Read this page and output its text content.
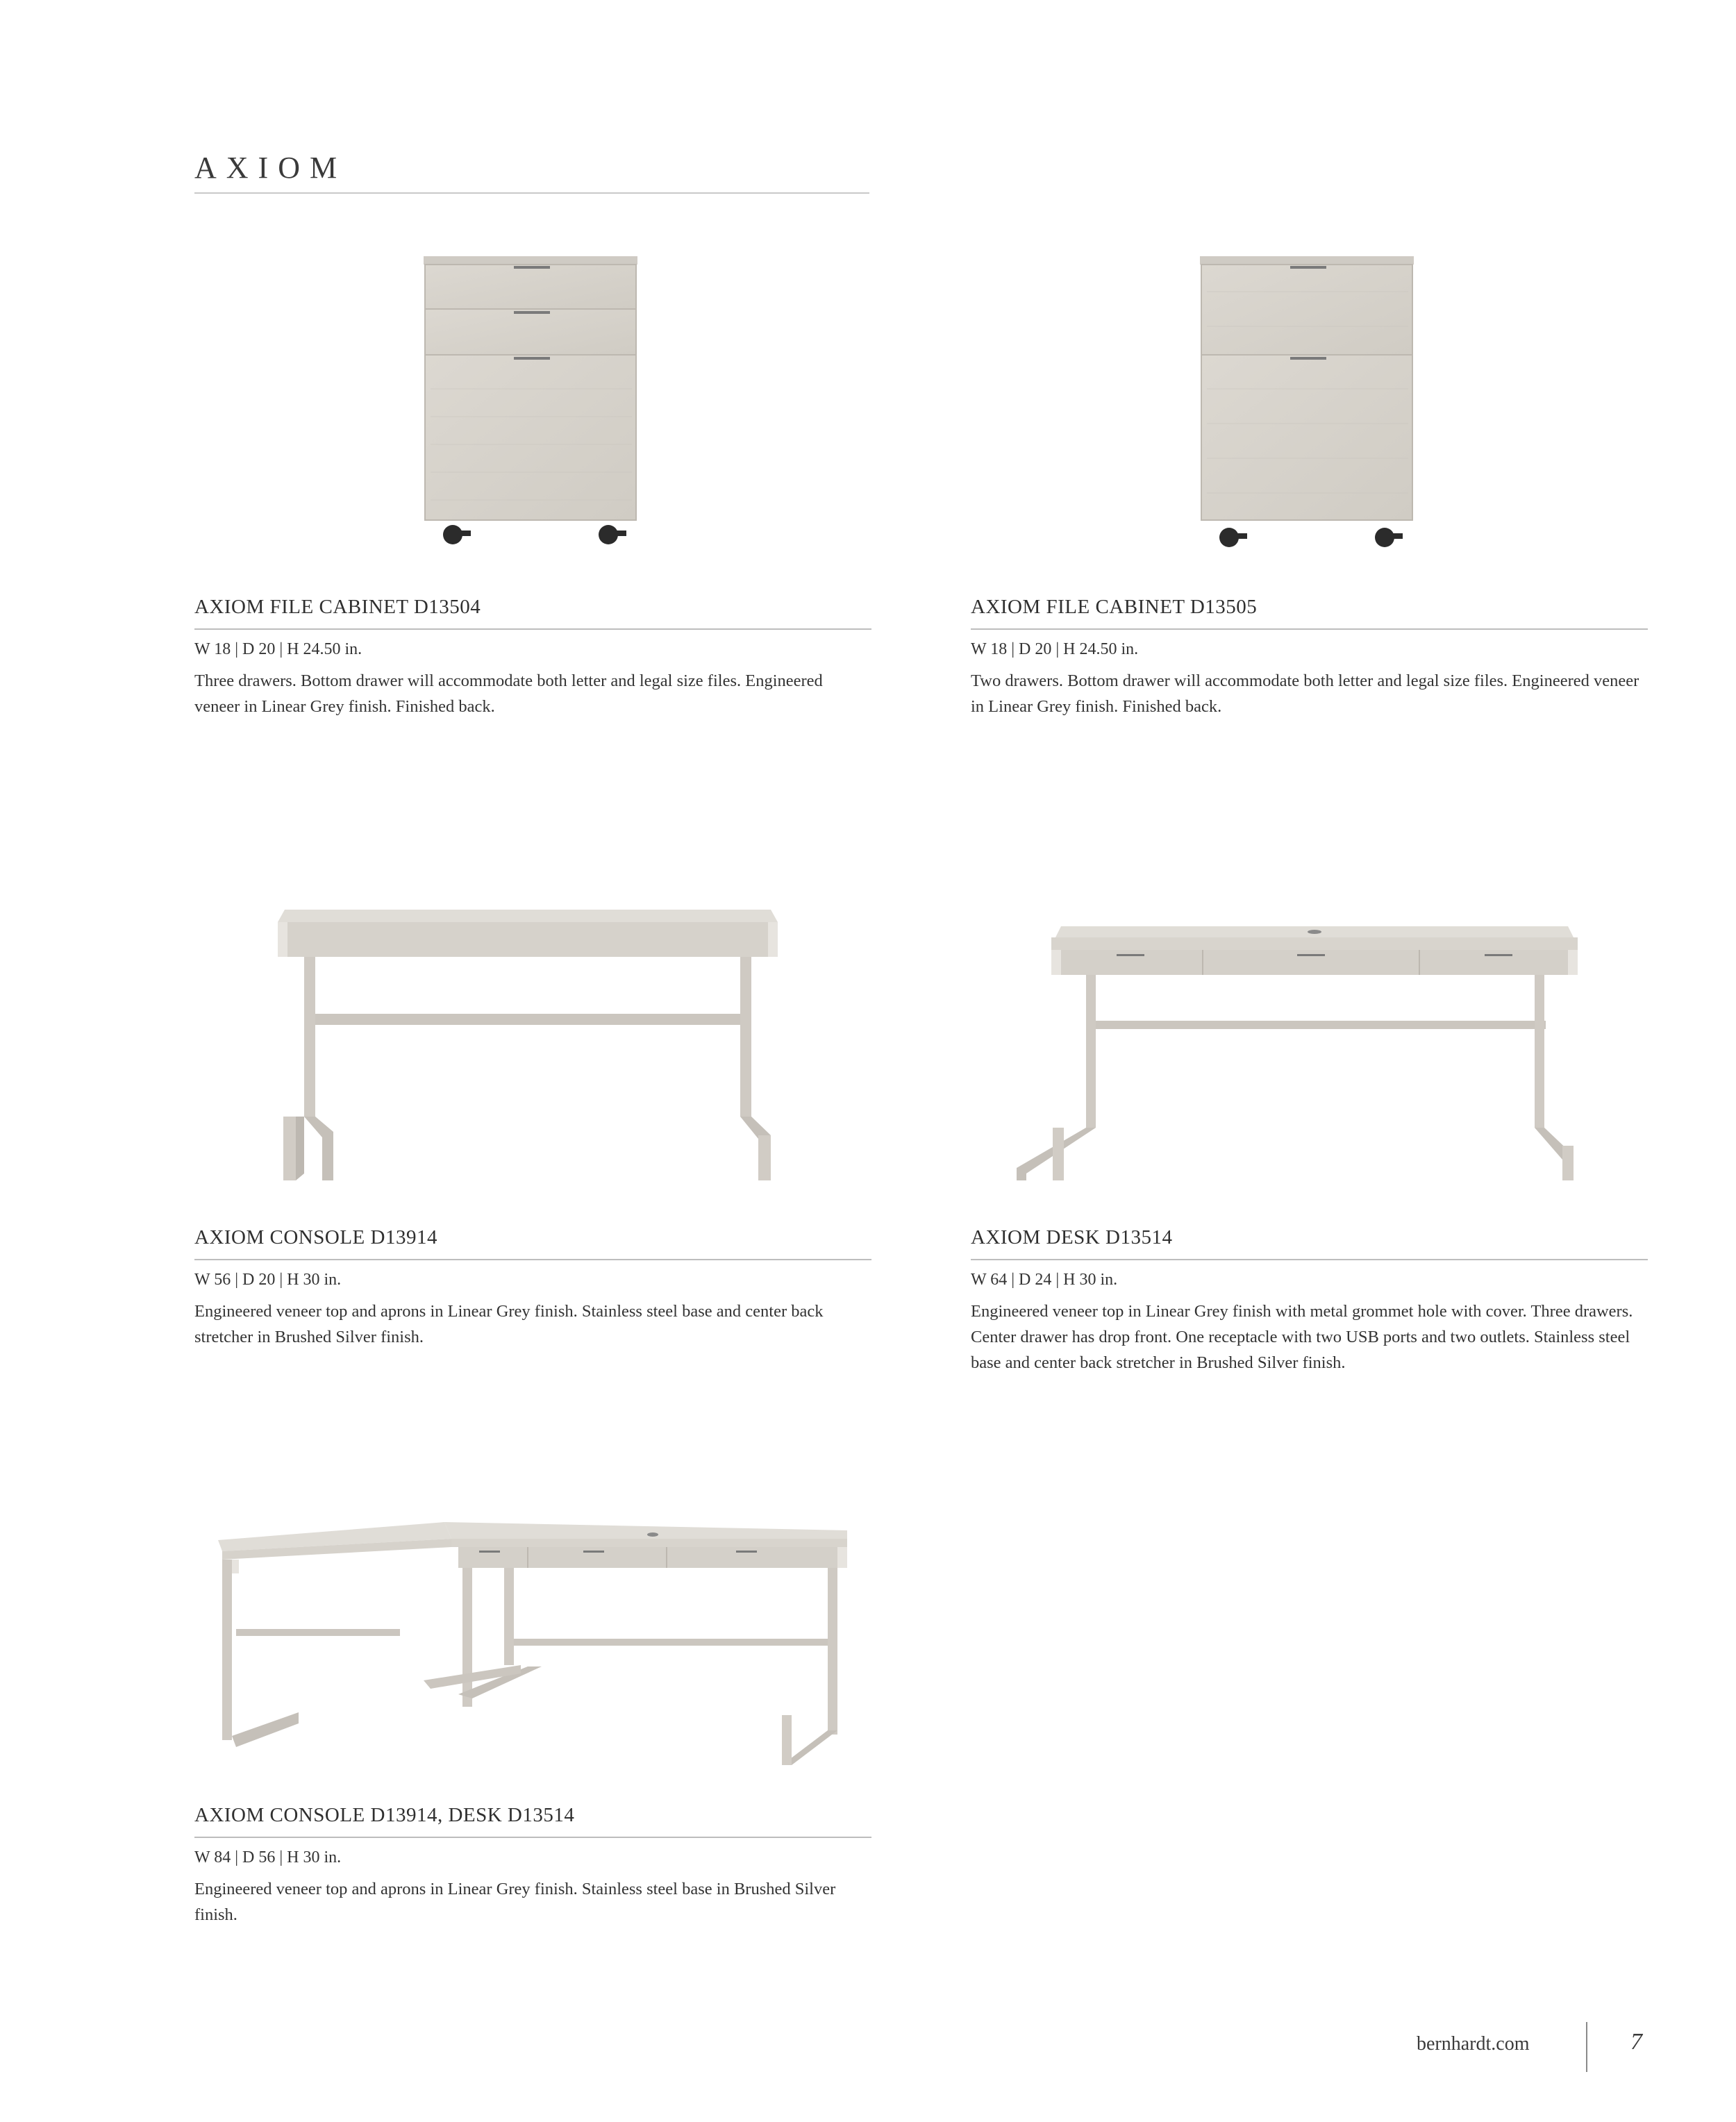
AXIOM
AXIOM FILE CABINET D13504
W 18 | D 20 | H 24.50 in.

Three drawers. Bottom drawer will accommodate both letter and legal size files. Engineered veneer in Linear Grey finish. Finished back.

AXIOM FILE CABINET D13505
W 18 | D 20 | H 24.50 in.

Two drawers. Bottom drawer will accommodate both letter and legal size files. Engineered veneer in Linear Grey finish. Finished back.

AXIOM CONSOLE D13914
W 56 | D 20 | H 30 in.

Engineered veneer top and aprons in Linear Grey finish. Stainless steel base and center back stretcher in Brushed Silver finish.

AXIOM DESK D13514
W 64 | D 24 | H 30 in.

Engineered veneer top in Linear Grey finish with metal grommet hole with cover. Three drawers. Center drawer has drop front. One receptacle with two USB ports and two outlets. Stainless steel base and center back stretcher in Brushed Silver finish.

AXIOM CONSOLE D13914, DESK D13514
W 84 | D 56 | H 30 in.

Engineered veneer top and aprons in Linear Grey finish. Stainless steel base in Brushed Silver finish.

bernhardt.com	7
